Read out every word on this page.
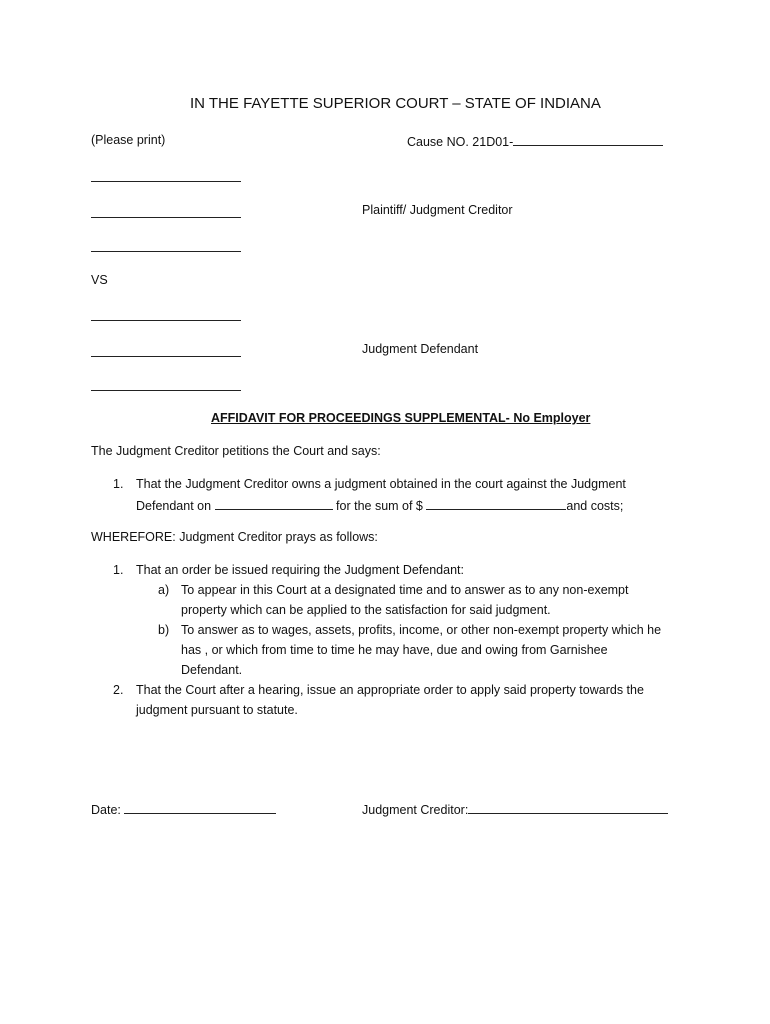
IN THE FAYETTE SUPERIOR COURT – STATE OF INDIANA
(Please print)	Cause NO. 21D01-
Plaintiff/ Judgment Creditor
VS
Judgment Defendant
AFFIDAVIT FOR PROCEEDINGS SUPPLEMENTAL- No Employer
The Judgment Creditor petitions the Court and says:
1. That the Judgment Creditor owns a judgment obtained in the court against the Judgment
Defendant on	for the sum of $	and costs;
WHEREFORE: Judgment Creditor prays as follows:
1. That an order be issued requiring the Judgment Defendant:
a) To appear in this Court at a designated time and to answer as to any non-exempt
property which can be applied to the satisfaction for said judgment.
b) To answer as to wages, assets, profits, income, or other non-exempt property which he
has , or which from time to time he may have, due and owing from Garnishee
Defendant.
2. That the Court after a hearing, issue an appropriate order to apply said property towards the
judgment pursuant to statute.
Date:	Judgment Creditor:
